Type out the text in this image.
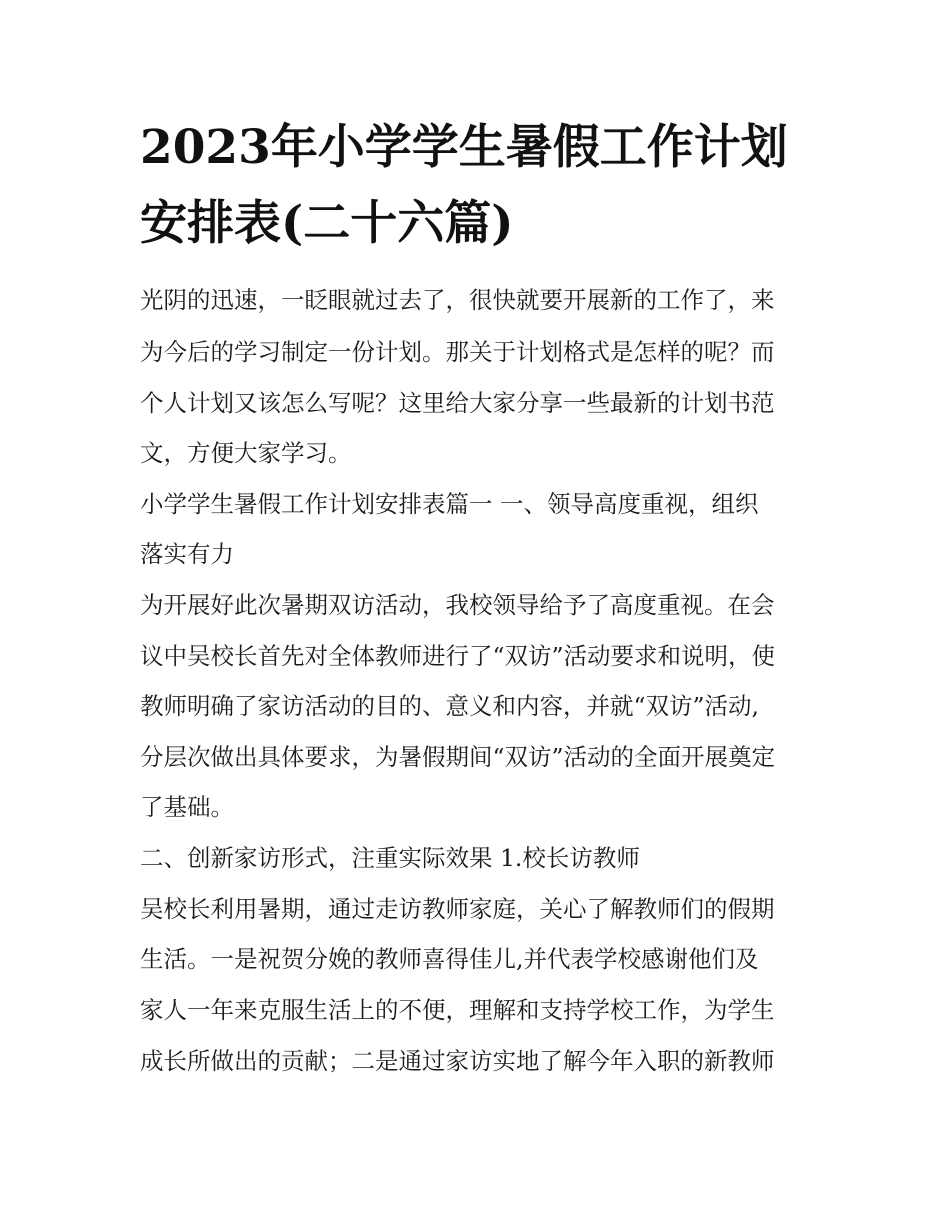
2023年小学学生暑假工作计划
安排表(二十六篇)

光阴的迅速，一眨眼就过去了，很快就要开展新的工作了，来

为今后的学习制定一份计划。那关于计划格式是怎样的呢？而

个人计划又该怎么写呢？这里给大家分享一些最新的计划书范

文，方便大家学习。

小学学生暑假工作计划安排表篇一 一、领导高度重视，组织

落实有力

为开展好此次暑期双访活动，我校领导给予了高度重视。在会

议中吴校长首先对全体教师进行了“双访”活动要求和说明，使

教师明确了家访活动的目的、意义和内容，并就“双访”活动,

分层次做出具体要求，为暑假期间“双访”活动的全面开展奠定

了基础。

二、创新家访形式，注重实际效果 1.校长访教师

吴校长利用暑期，通过走访教师家庭，关心了解教师们的假期

生活。一是祝贺分娩的教师喜得佳儿,并代表学校感谢他们及

家人一年来克服生活上的不便，理解和支持学校工作，为学生

成长所做出的贡献；二是通过家访实地了解今年入职的新教师
